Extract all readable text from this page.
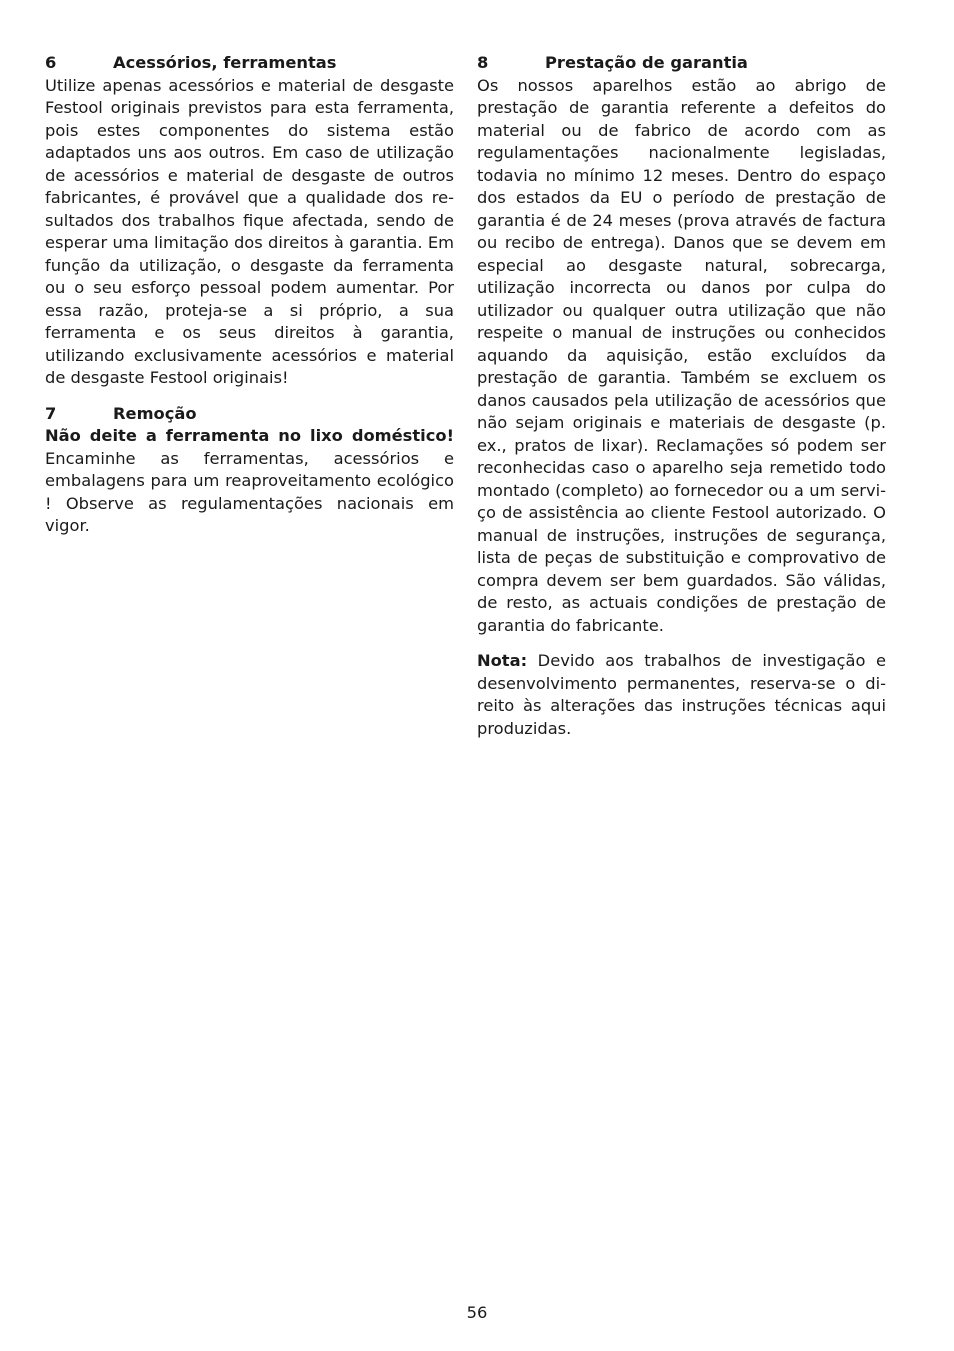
6	Acessórios, ferramentas

Utilize apenas acessórios e material de desgaste Festool originais previstos para esta ferramenta, pois estes componentes do sistema estão adaptados uns aos outros. Em caso de utilização de acessórios e material de desgaste de outros fabricantes, é provável que a qualidade dos resultados dos trabalhos fique afectada, sendo de esperar uma limitação dos direitos à garantia. Em função da utilização, o desgaste da ferramenta ou o seu esforço pessoal podem aumentar. Por essa razão, proteja-se a si próprio, a sua ferramenta e os seus direitos à garantia, utilizando exclusivamente acessórios e material de desgaste Festool originais!

7	Remoção

Não deite a ferramenta no lixo doméstico! Encaminhe as ferramentas, acessórios e embalagens para um reaproveitamento ecológico ! Observe as regulamentações nacionais em vigor.

8	Prestação de garantia

Os nossos aparelhos estão ao abrigo de prestação de garantia referente a defeitos do material ou de fabrico de acordo com as regulamentações nacionalmente legisladas, todavia no mínimo 12 meses. Dentro do espaço dos estados da EU o período de prestação de garantia é de 24 meses (prova através de factura ou recibo de entrega). Danos que se devem em especial ao desgaste natural, sobrecarga, utilização incorrecta ou danos por culpa do utilizador ou qualquer outra utilização que não respeite o manual de instruções ou conhecidos aquando da aquisição, estão excluídos da prestação de garantia. Também se excluem os danos causados pela utilização de acessórios que não sejam originais e materiais de desgaste (p. ex., pratos de lixar). Reclamações só podem ser reconhecidas caso o aparelho seja remetido todo montado (completo) ao fornecedor ou a um serviço de assistência ao cliente Festool autorizado. O manual de instruções, instruções de segurança, lista de peças de substituição e comprovativo de compra devem ser bem guardados. São válidas, de resto, as actuais condições de prestação de garantia do fabricante.

Nota: Devido aos trabalhos de investigação e desenvolvimento permanentes, reserva-se o direito às alterações das instruções técnicas aqui produzidas.

56
